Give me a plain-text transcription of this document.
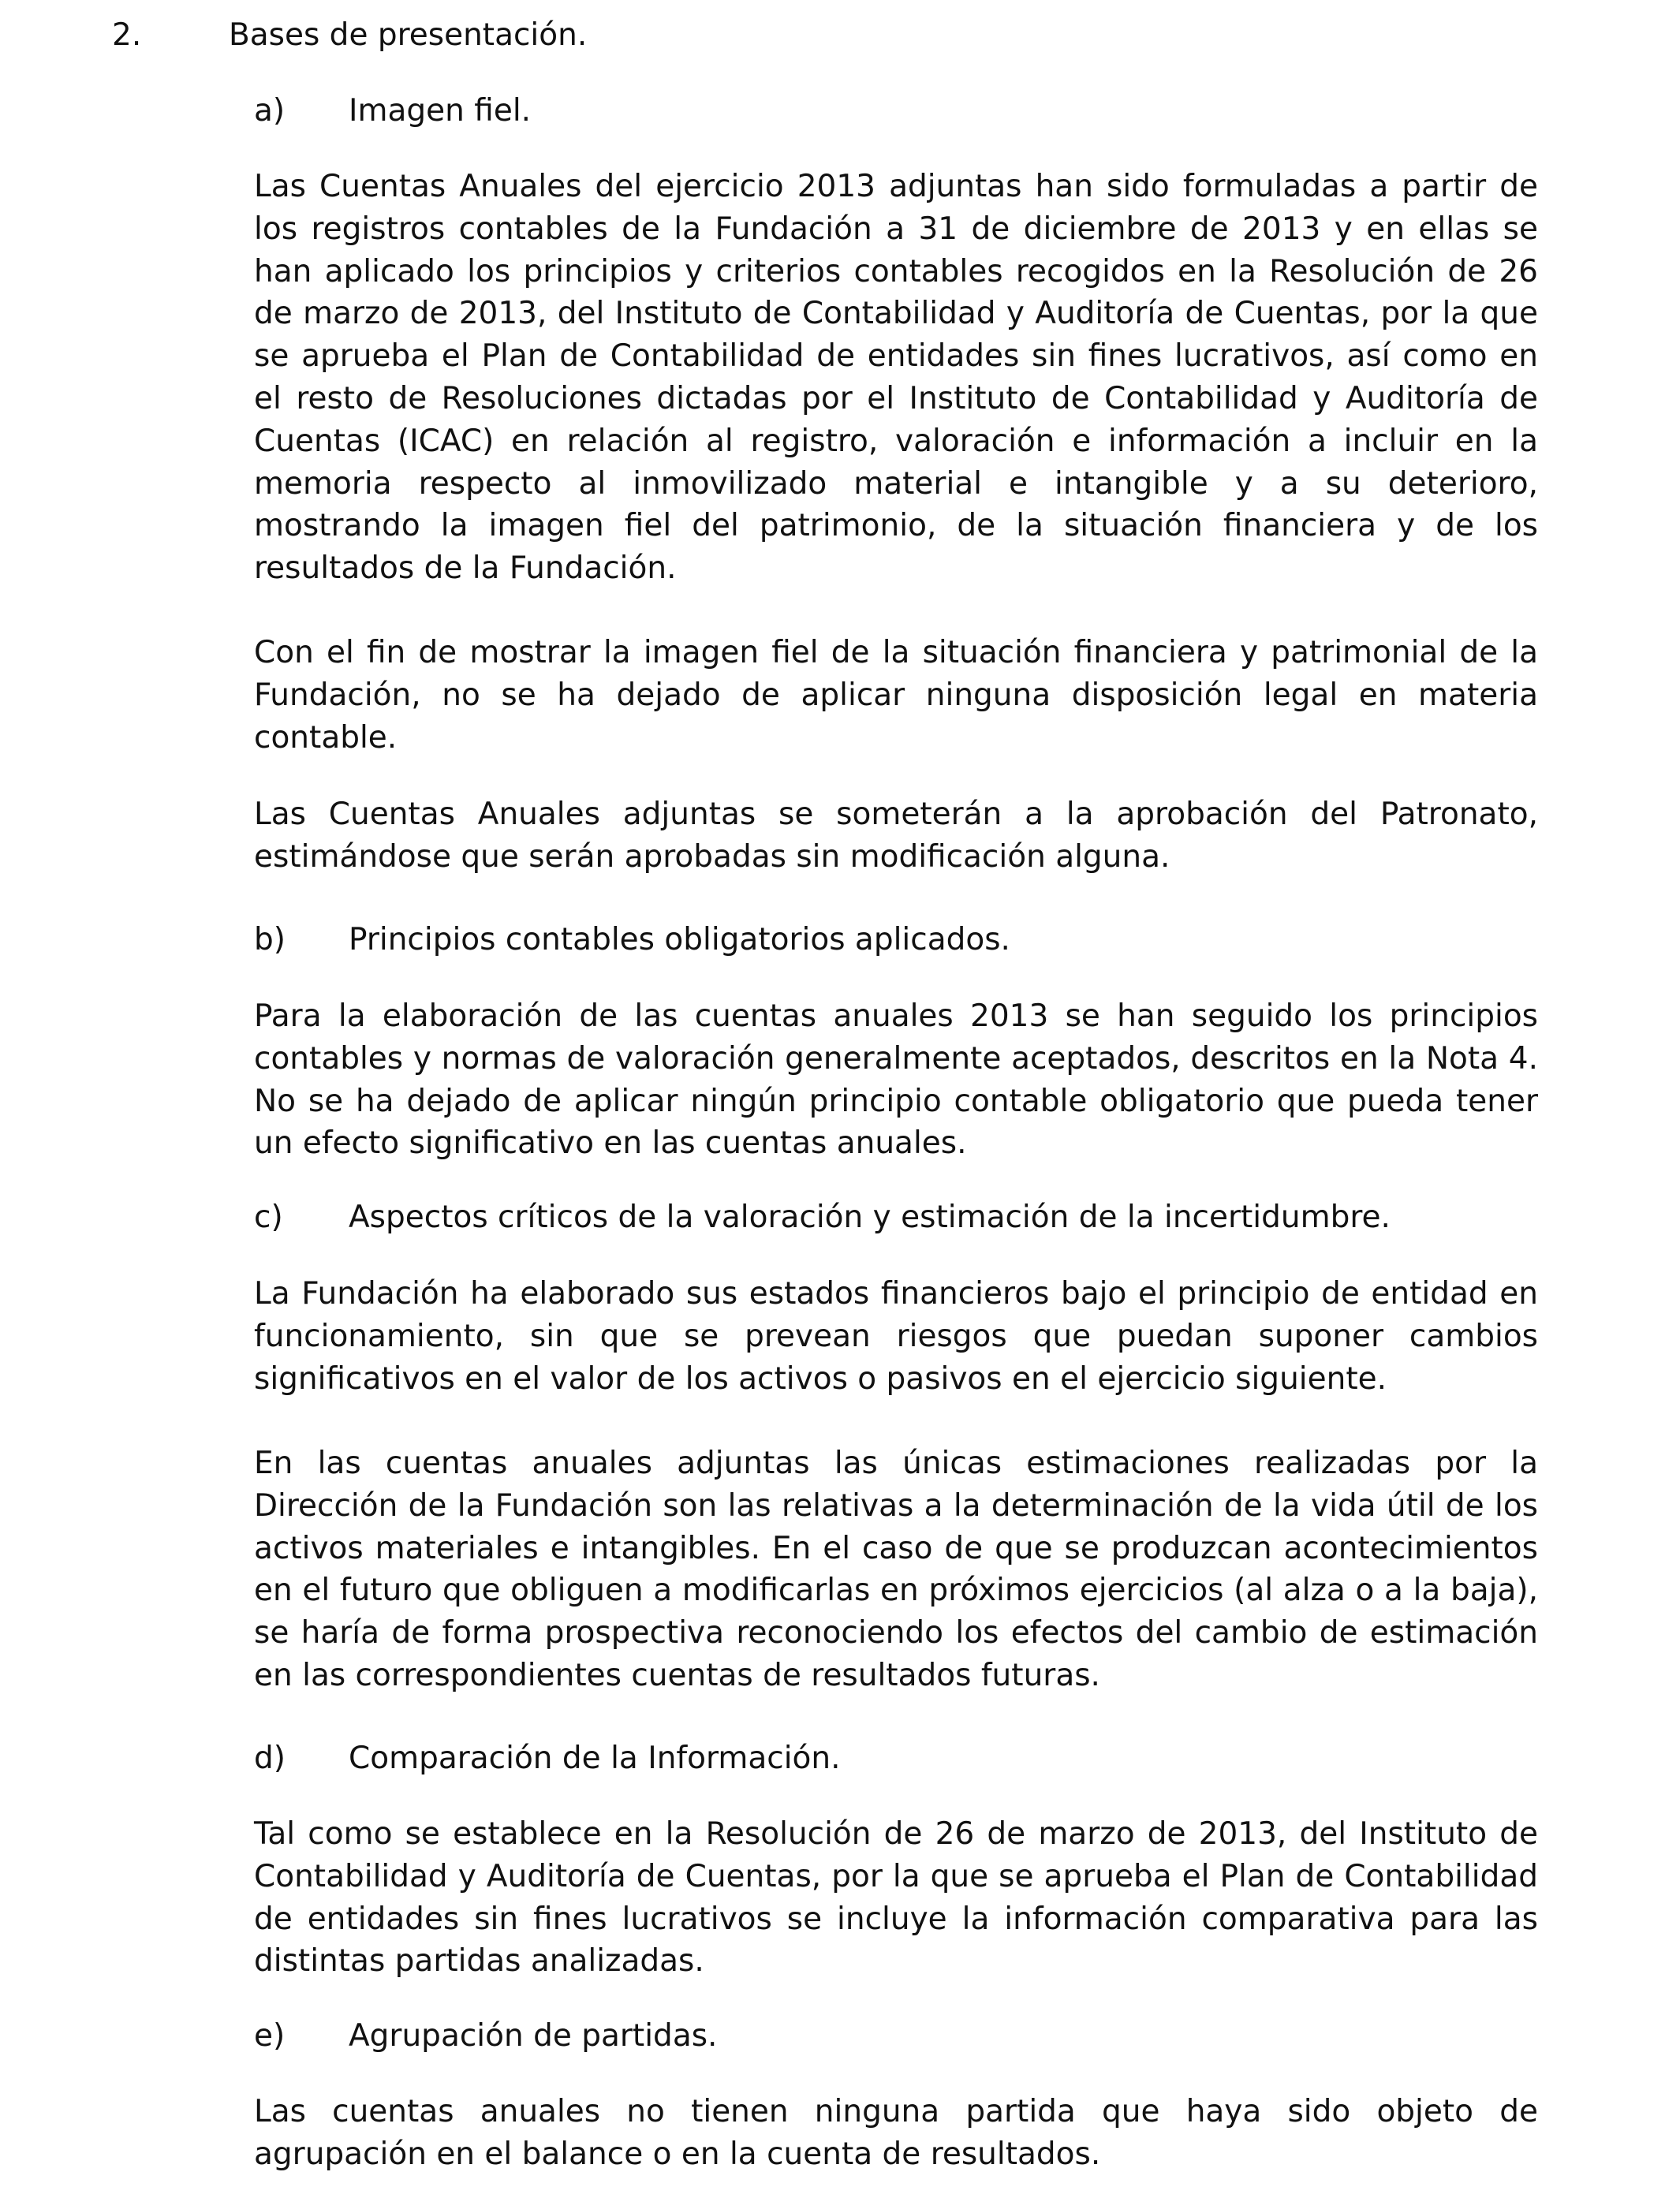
2.	Bases de presentación.
a) Imagen fiel.

Las Cuentas Anuales del ejercicio 2013 adjuntas han sido formuladas a partir de los registros contables de la Fundación a 31 de diciembre de 2013 y en ellas se han aplicado los principios y criterios contables recogidos en la Resolución de 26 de marzo de 2013, del Instituto de Contabilidad y Auditoría de Cuentas, por la que se aprueba el Plan de Contabilidad de entidades sin fines lucrativos, así como en el resto de Resoluciones dictadas por el Instituto de Contabilidad y Auditoría de Cuentas (ICAC) en relación al registro, valoración e información a incluir en la memoria respecto al inmovilizado material e intangible y a su deterioro, mostrando la imagen fiel del patrimonio, de la situación financiera y de los resultados de la Fundación.

Con el fin de mostrar la imagen fiel de la situación financiera y patrimonial de la Fundación, no se ha dejado de aplicar ninguna disposición legal en materia contable.

Las Cuentas Anuales adjuntas se someterán a la aprobación del Patronato, estimándose que serán aprobadas sin modificación alguna.

b) Principios contables obligatorios aplicados.

Para la elaboración de las cuentas anuales 2013 se han seguido los principios contables y normas de valoración generalmente aceptados, descritos en la Nota 4. No se ha dejado de aplicar ningún principio contable obligatorio que pueda tener un efecto significativo en las cuentas anuales.

c) Aspectos críticos de la valoración y estimación de la incertidumbre.

La Fundación ha elaborado sus estados financieros bajo el principio de entidad en funcionamiento, sin que se prevean riesgos que puedan suponer cambios significativos en el valor de los activos o pasivos en el ejercicio siguiente.

En las cuentas anuales adjuntas las únicas estimaciones realizadas por la Dirección de la Fundación son las relativas a la determinación de la vida útil de los activos materiales e intangibles. En el caso de que se produzcan acontecimientos en el futuro que obliguen a modificarlas en próximos ejercicios (al alza o a la baja), se haría de forma prospectiva reconociendo los efectos del cambio de estimación en las correspondientes cuentas de resultados futuras.

d) Comparación de la Información.

Tal como se establece en la Resolución de 26 de marzo de 2013, del Instituto de Contabilidad y Auditoría de Cuentas, por la que se aprueba el Plan de Contabilidad de entidades sin fines lucrativos se incluye la información comparativa para las distintas partidas analizadas.

e) Agrupación de partidas.

Las cuentas anuales no tienen ninguna partida que haya sido objeto de agrupación en el balance o en la cuenta de resultados.
